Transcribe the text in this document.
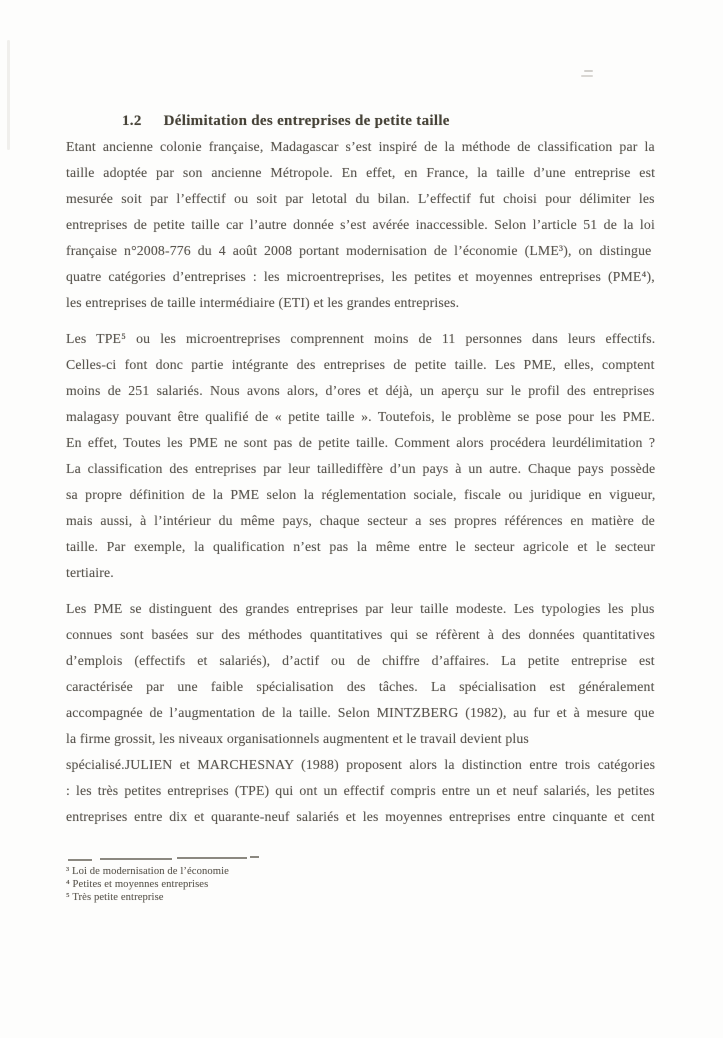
1.2 Délimitation des entreprises de petite taille
Etant ancienne colonie française, Madagascar s’est inspiré de la méthode de classification par la
taille adoptée par son ancienne Métropole. En effet, en France, la taille d’une entreprise est
mesurée soit par l’effectif ou soit par letotal du bilan. L’effectif fut choisi pour délimiter les
entreprises de petite taille car l’autre donnée s’est avérée inaccessible. Selon l’article 51 de la loi
française n°2008-776 du 4 août 2008 portant modernisation de l’économie (LME³), on distingue
quatre catégories d’entreprises : les microentreprises, les petites et moyennes entreprises (PME⁴),
les entreprises de taille intermédiaire (ETI) et les grandes entreprises.
Les TPE⁵ ou les microentreprises comprennent moins de 11 personnes dans leurs effectifs.
Celles-ci font donc partie intégrante des entreprises de petite taille. Les PME, elles, comptent
moins de 251 salariés. Nous avons alors, d’ores et déjà, un aperçu sur le profil des entreprises
malagasy pouvant être qualifié de « petite taille ». Toutefois, le problème se pose pour les PME.
En effet, Toutes les PME ne sont pas de petite taille. Comment alors procédera leurdélimitation ?
La classification des entreprises par leur taillediffère d’un pays à un autre. Chaque pays possède
sa propre définition de la PME selon la réglementation sociale, fiscale ou juridique en vigueur,
mais aussi, à l’intérieur du même pays, chaque secteur a ses propres références en matière de
taille. Par exemple, la qualification n’est pas la même entre le secteur agricole et le secteur
tertiaire.
Les PME se distinguent des grandes entreprises par leur taille modeste. Les typologies les plus
connues sont basées sur des méthodes quantitatives qui se réfèrent à des données quantitatives
d’emplois (effectifs et salariés), d’actif ou de chiffre d’affaires. La petite entreprise est
caractérisée par une faible spécialisation des tâches. La spécialisation est généralement
accompagnée de l’augmentation de la taille. Selon MINTZBERG (1982), au fur et à mesure que
la firme grossit, les niveaux organisationnels augmentent et le travail devient plus
spécialisé.JULIEN et MARCHESNAY (1988) proposent alors la distinction entre trois catégories
: les très petites entreprises (TPE) qui ont un effectif compris entre un et neuf salariés, les petites
entreprises entre dix et quarante-neuf salariés et les moyennes entreprises entre cinquante et cent
³ Loi de modernisation de l’économie
⁴ Petites et moyennes entreprises
⁵ Très petite entreprise
